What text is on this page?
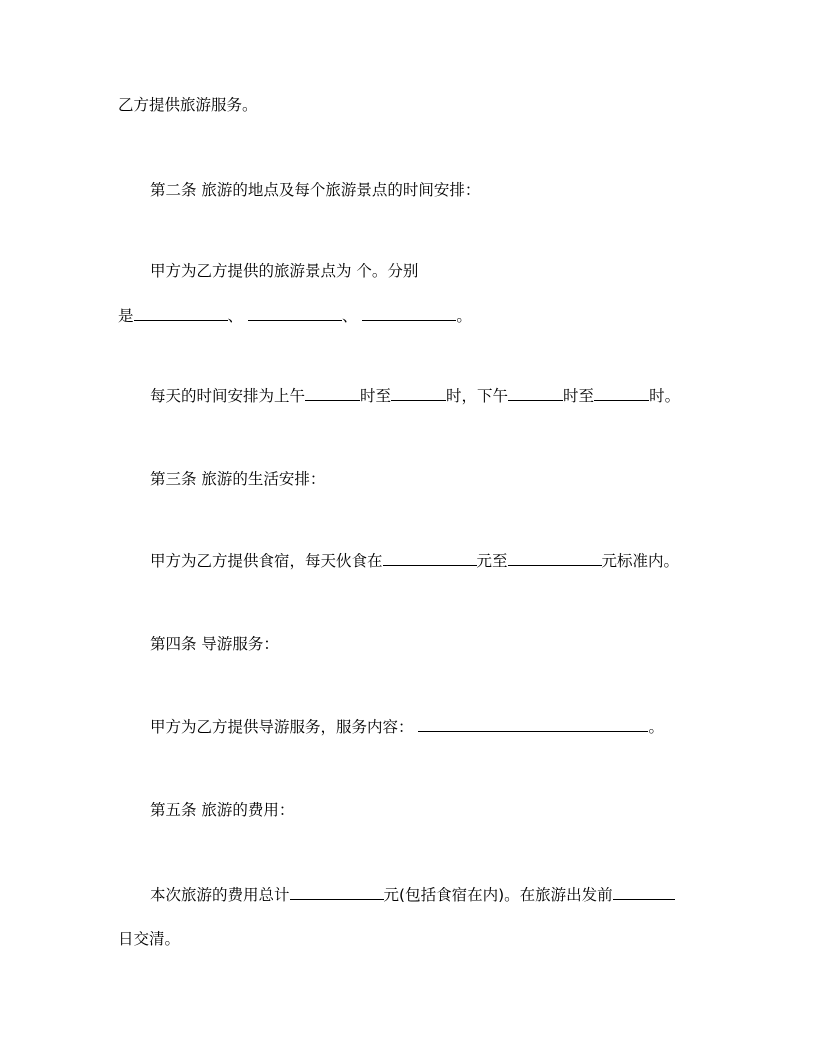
乙方提供旅游服务。
第二条 旅游的地点及每个旅游景点的时间安排：
甲方为乙方提供的旅游景点为 个。分别
是	、	、	。
每天的时间安排为上午	时至	时，下午	时至	时。
第三条 旅游的生活安排：
甲方为乙方提供食宿，每天伙食在	元至	元标准内。
第四条 导游服务：
甲方为乙方提供导游服务，服务内容：	。
第五条 旅游的费用：
本次旅游的费用总计	元(包括食宿在内)。在旅游出发前
日交清。
